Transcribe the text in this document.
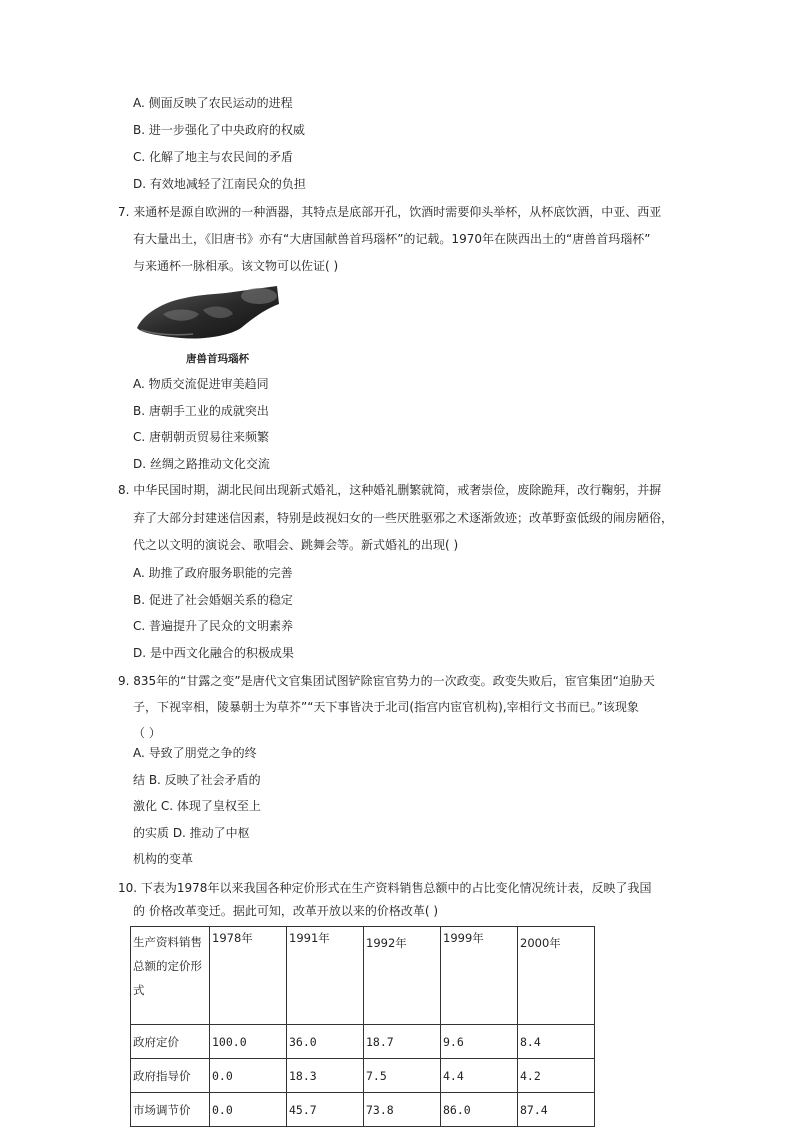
A. 侧面反映了农民运动的进程
B. 进一步强化了中央政府的权威
C. 化解了地主与农民间的矛盾
D. 有效地减轻了江南民众的负担
7. 来通杯是源自欧洲的一种酒器，其特点是底部开孔，饮酒时需要仰头举杯，从杯底饮酒，中亚、西亚
有大量出土，《旧唐书》亦有“大唐国献兽首玛瑙杯”的记载。1970年在陕西出土的“唐兽首玛瑙杯”
与来通杯一脉相承。该文物可以佐证( )
唐兽首玛瑙杯
A. 物质交流促进审美趋同
B. 唐朝手工业的成就突出
C. 唐朝朝贡贸易往来频繁
D. 丝绸之路推动文化交流
8. 中华民国时期，湖北民间出现新式婚礼，这种婚礼删繁就简，戒奢崇俭，废除跪拜，改行鞠躬，并摒
弃了大部分封建迷信因素，特别是歧视妇女的一些厌胜驱邪之术逐渐敛迹；改革野蛮低级的闹房陋俗，
代之以文明的演说会、歌唱会、跳舞会等。新式婚礼的出现( )
A. 助推了政府服务职能的完善
B. 促进了社会婚姻关系的稳定
C. 普遍提升了民众的文明素养
D. 是中西文化融合的积极成果
9. 835年的“甘露之变”是唐代文官集团试图铲除宦官势力的一次政变。政变失败后，宦官集团“迫胁天
子，下视宰相，陵暴朝士为草芥”“天下事皆决于北司(指宫内宦官机构),宰相行文书而已。”该现象
（ ）
A. 导致了朋党之争的终
结 B. 反映了社会矛盾的
激化 C. 体现了皇权至上
的实质 D. 推动了中枢
机构的变革
10. 下表为1978年以来我国各种定价形式在生产资料销售总额中的占比变化情况统计表，反映了我国
的 价格改革变迁。据此可知，改革开放以来的价格改革( )
生产资料销售总额的定价形式	1978年	1991年	1992年	1999年	2000年
政府定价	100.0	36.0	18.7	9.6	8.4
政府指导价	0.0	18.3	7.5	4.4	4.2
市场调节价	0.0	45.7	73.8	86.0	87.4
